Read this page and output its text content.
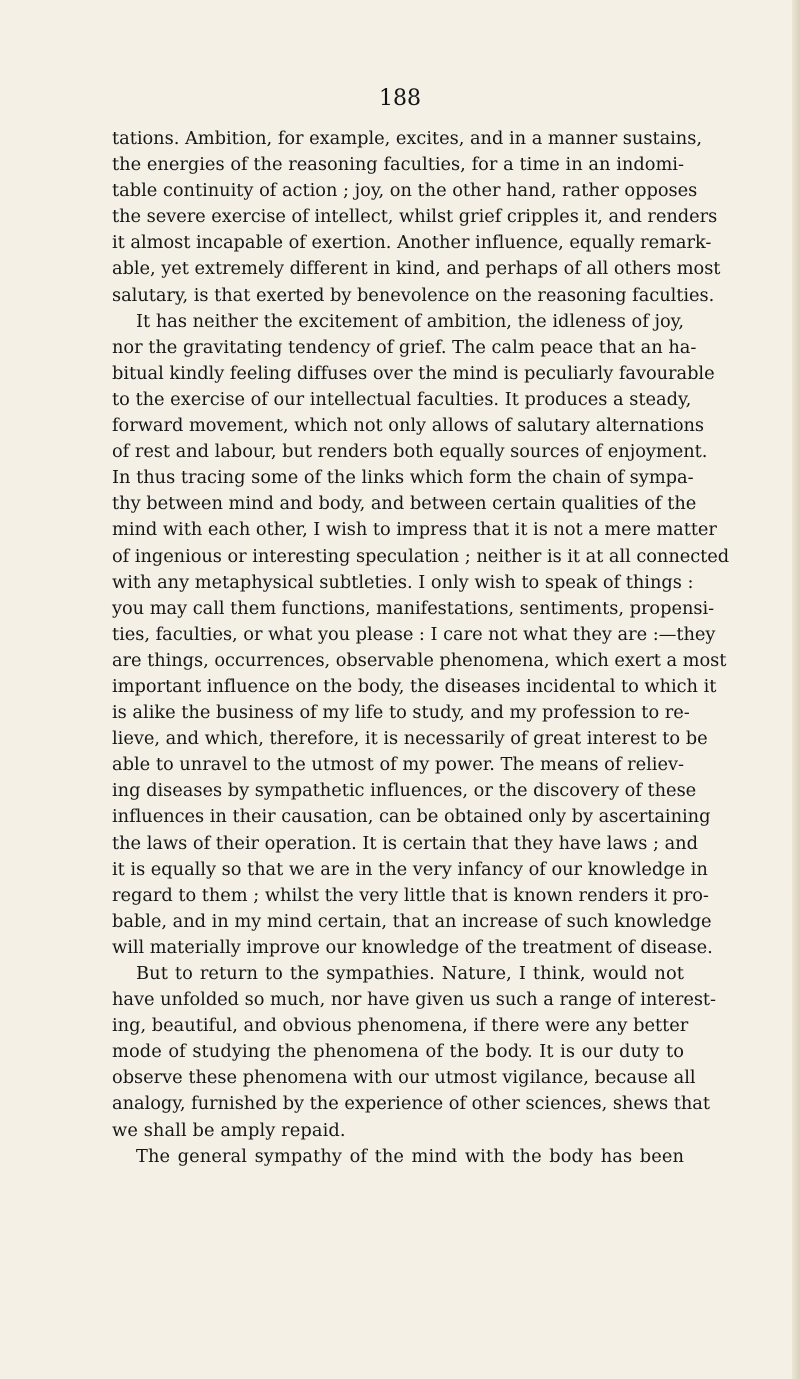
188
tations. Ambition, for example, excites, and in a manner sustains,
the energies of the reasoning faculties, for a time in an indomi-
table continuity of action ; joy, on the other hand, rather opposes
the severe exercise of intellect, whilst grief cripples it, and renders
it almost incapable of exertion. Another influence, equally remark-
able, yet extremely different in kind, and perhaps of all others most
salutary, is that exerted by benevolence on the reasoning faculties.
It has neither the excitement of ambition, the idleness of joy,
nor the gravitating tendency of grief. The calm peace that an ha-
bitual kindly feeling diffuses over the mind is peculiarly favourable
to the exercise of our intellectual faculties. It produces a steady,
forward movement, which not only allows of salutary alternations
of rest and labour, but renders both equally sources of enjoyment.
In thus tracing some of the links which form the chain of sympa-
thy between mind and body, and between certain qualities of the
mind with each other, I wish to impress that it is not a mere matter
of ingenious or interesting speculation ; neither is it at all connected
with any metaphysical subtleties. I only wish to speak of things :
you may call them functions, manifestations, sentiments, propensi-
ties, faculties, or what you please : I care not what they are :—they
are things, occurrences, observable phenomena, which exert a most
important influence on the body, the diseases incidental to which it
is alike the business of my life to study, and my profession to re-
lieve, and which, therefore, it is necessarily of great interest to be
able to unravel to the utmost of my power. The means of reliev-
ing diseases by sympathetic influences, or the discovery of these
influences in their causation, can be obtained only by ascertaining
the laws of their operation. It is certain that they have laws ; and
it is equally so that we are in the very infancy of our knowledge in
regard to them ; whilst the very little that is known renders it pro-
bable, and in my mind certain, that an increase of such knowledge
will materially improve our knowledge of the treatment of disease.
But to return to the sympathies. Nature, I think, would not
have unfolded so much, nor have given us such a range of interest-
ing, beautiful, and obvious phenomena, if there were any better
mode of studying the phenomena of the body. It is our duty to
observe these phenomena with our utmost vigilance, because all
analogy, furnished by the experience of other sciences, shews that
we shall be amply repaid.
The general sympathy of the mind with the body has been
